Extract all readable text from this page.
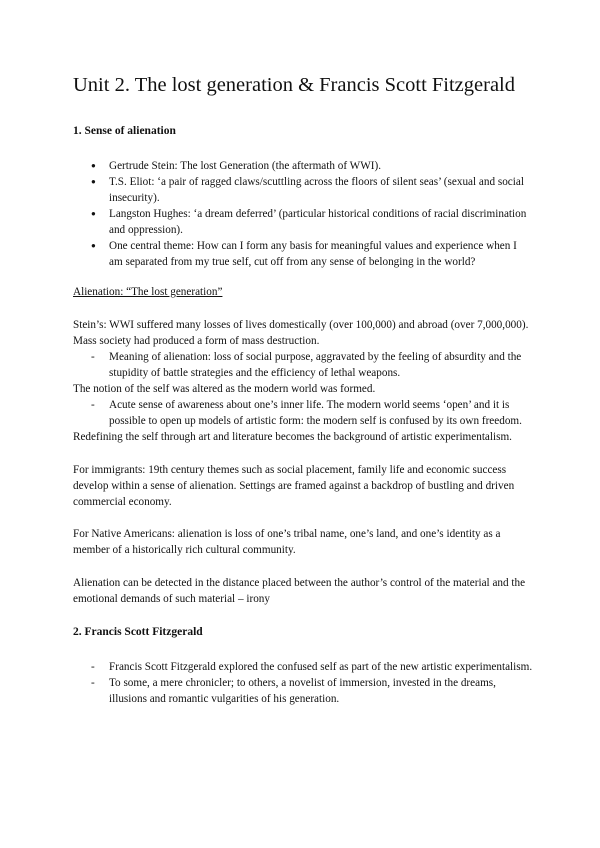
Unit 2. The lost generation & Francis Scott Fitzgerald
1. Sense of alienation
● Gertrude Stein: The lost Generation (the aftermath of WWI).
● T.S. Eliot: ‘a pair of ragged claws/scuttling across the floors of silent seas’ (sexual and social insecurity).
● Langston Hughes: ‘a dream deferred’ (particular historical conditions of racial discrimination and oppression).
● One central theme: How can I form any basis for meaningful values and experience when I am separated from my true self, cut off from any sense of belonging in the world?

Alienation: “The lost generation”

Stein’s: WWI suffered many losses of lives domestically (over 100,000) and abroad (over 7,000,000). Mass society had produced a form of mass destruction.

- Meaning of alienation: loss of social purpose, aggravated by the feeling of absurdity and the stupidity of battle strategies and the efficiency of lethal weapons.

The notion of the self was altered as the modern world was formed.

- Acute sense of awareness about one’s inner life. The modern world seems ‘open’ and it is possible to open up models of artistic form: the modern self is confused by its own freedom.

Redefining the self through art and literature becomes the background of artistic experimentalism.

For immigrants: 19th century themes such as social placement, family life and economic success develop within a sense of alienation. Settings are framed against a backdrop of bustling and driven commercial economy.

For Native Americans: alienation is loss of one’s tribal name, one’s land, and one’s identity as a member of a historically rich cultural community.

Alienation can be detected in the distance placed between the author’s control of the material and the emotional demands of such material – irony

2. Francis Scott Fitzgerald
- Francis Scott Fitzgerald explored the confused self as part of the new artistic experimentalism.
- To some, a mere chronicler; to others, a novelist of immersion, invested in the dreams, illusions and romantic vulgarities of his generation.
